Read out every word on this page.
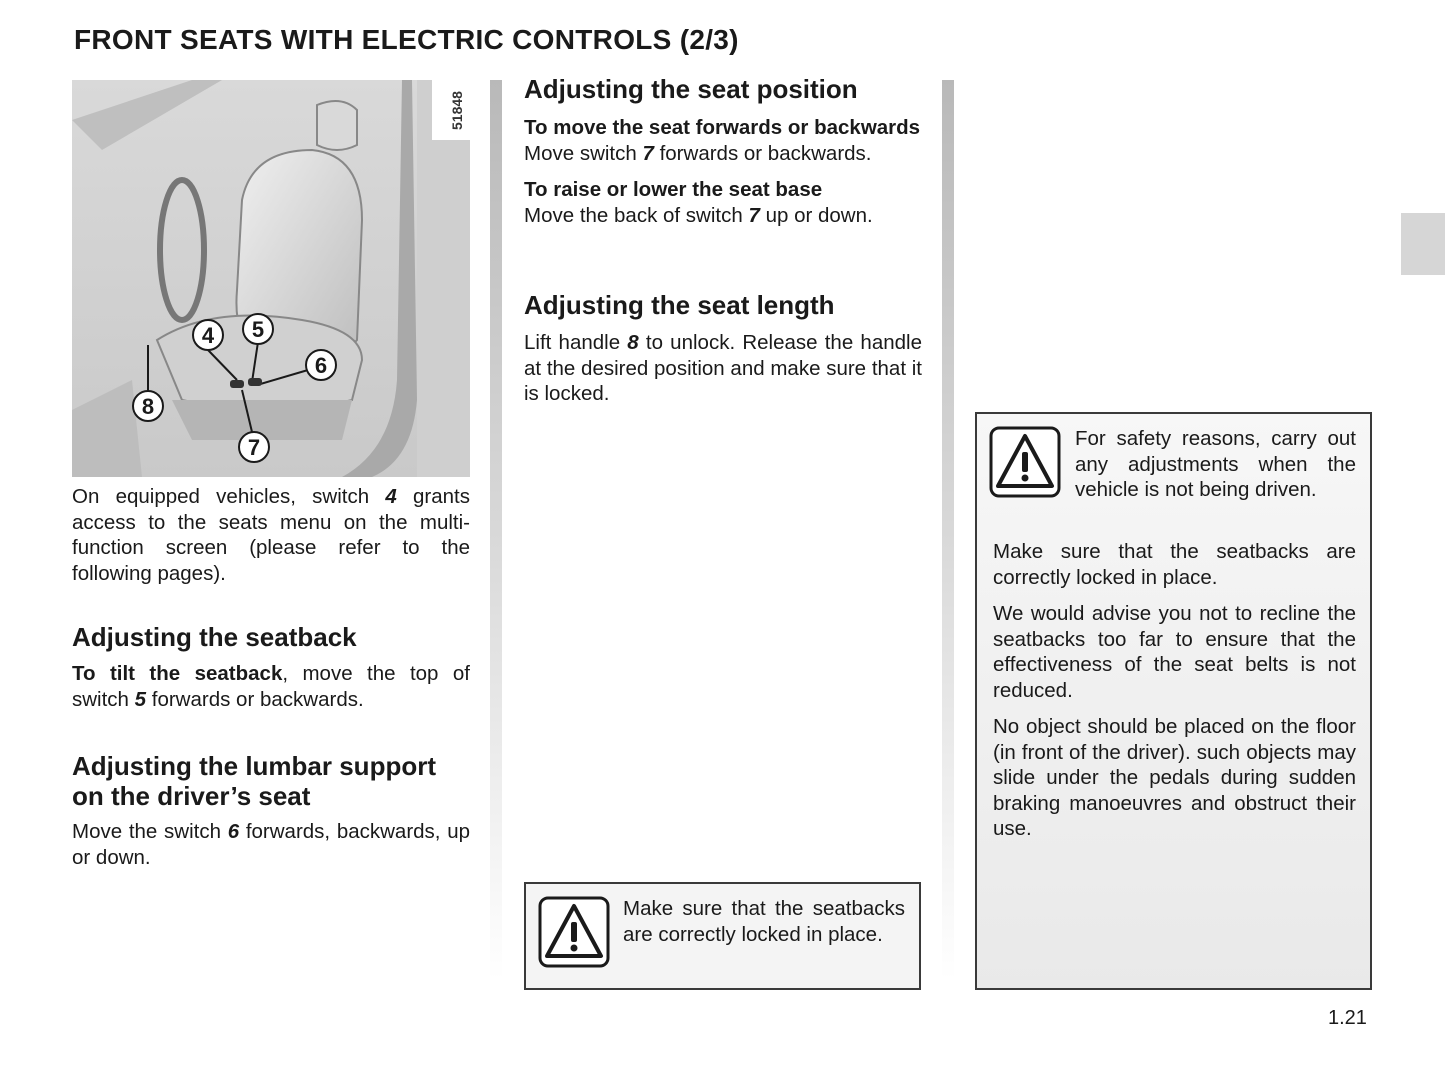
FRONT SEATS WITH ELECTRIC CONTROLS (2/3)
51848
4 5
6
7
8

On equipped vehicles, switch 4 grants access to the seats menu on the multi-function screen (please refer to the following pages).

Adjusting the seatback

To tilt the seatback, move the top of switch 5 forwards or backwards.

Adjusting the lumbar support on the driver’s seat

Move the switch 6 forwards, backwards, up or down.

Adjusting the seat position

To move the seat forwards or backwards

Move switch 7 forwards or backwards.

To raise or lower the seat base

Move the back of switch 7 up or down.

Adjusting the seat length

Lift handle 8 to unlock. Release the handle at the desired position and make sure that it is locked.

Make sure that the seatbacks are correctly locked in place.

For safety reasons, carry out any adjustments when the vehicle is not being driven.

Make sure that the seatbacks are correctly locked in place.

We would advise you not to recline the seatbacks too far to ensure that the effectiveness of the seat belts is not reduced.

No object should be placed on the floor (in front of the driver). such objects may slide under the pedals during sudden braking manoeuvres and obstruct their use.

1.21
